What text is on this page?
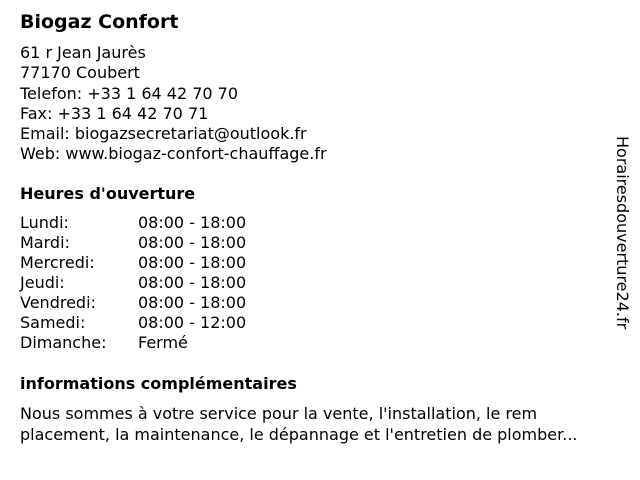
Biogaz Confort
61 r Jean Jaurès
77170 Coubert
Telefon: +33 1 64 42 70 70
Fax: +33 1 64 42 70 71
Email: biogazsecretariat@outlook.fr
Web: www.biogaz-confort-chauffage.fr
Heures d'ouverture
Lundi:	08:00 - 18:00
Mardi:	08:00 - 18:00
Mercredi:	08:00 - 18:00
Jeudi:	08:00 - 18:00
Vendredi:	08:00 - 18:00
Samedi:	08:00 - 12:00
Dimanche:	Fermé
informations complémentaires

Nous sommes à votre service pour la vente, l'installation, le rem placement, la maintenance, le dépannage et l'entretien de plomber...

Horairesdouverture24.fr
